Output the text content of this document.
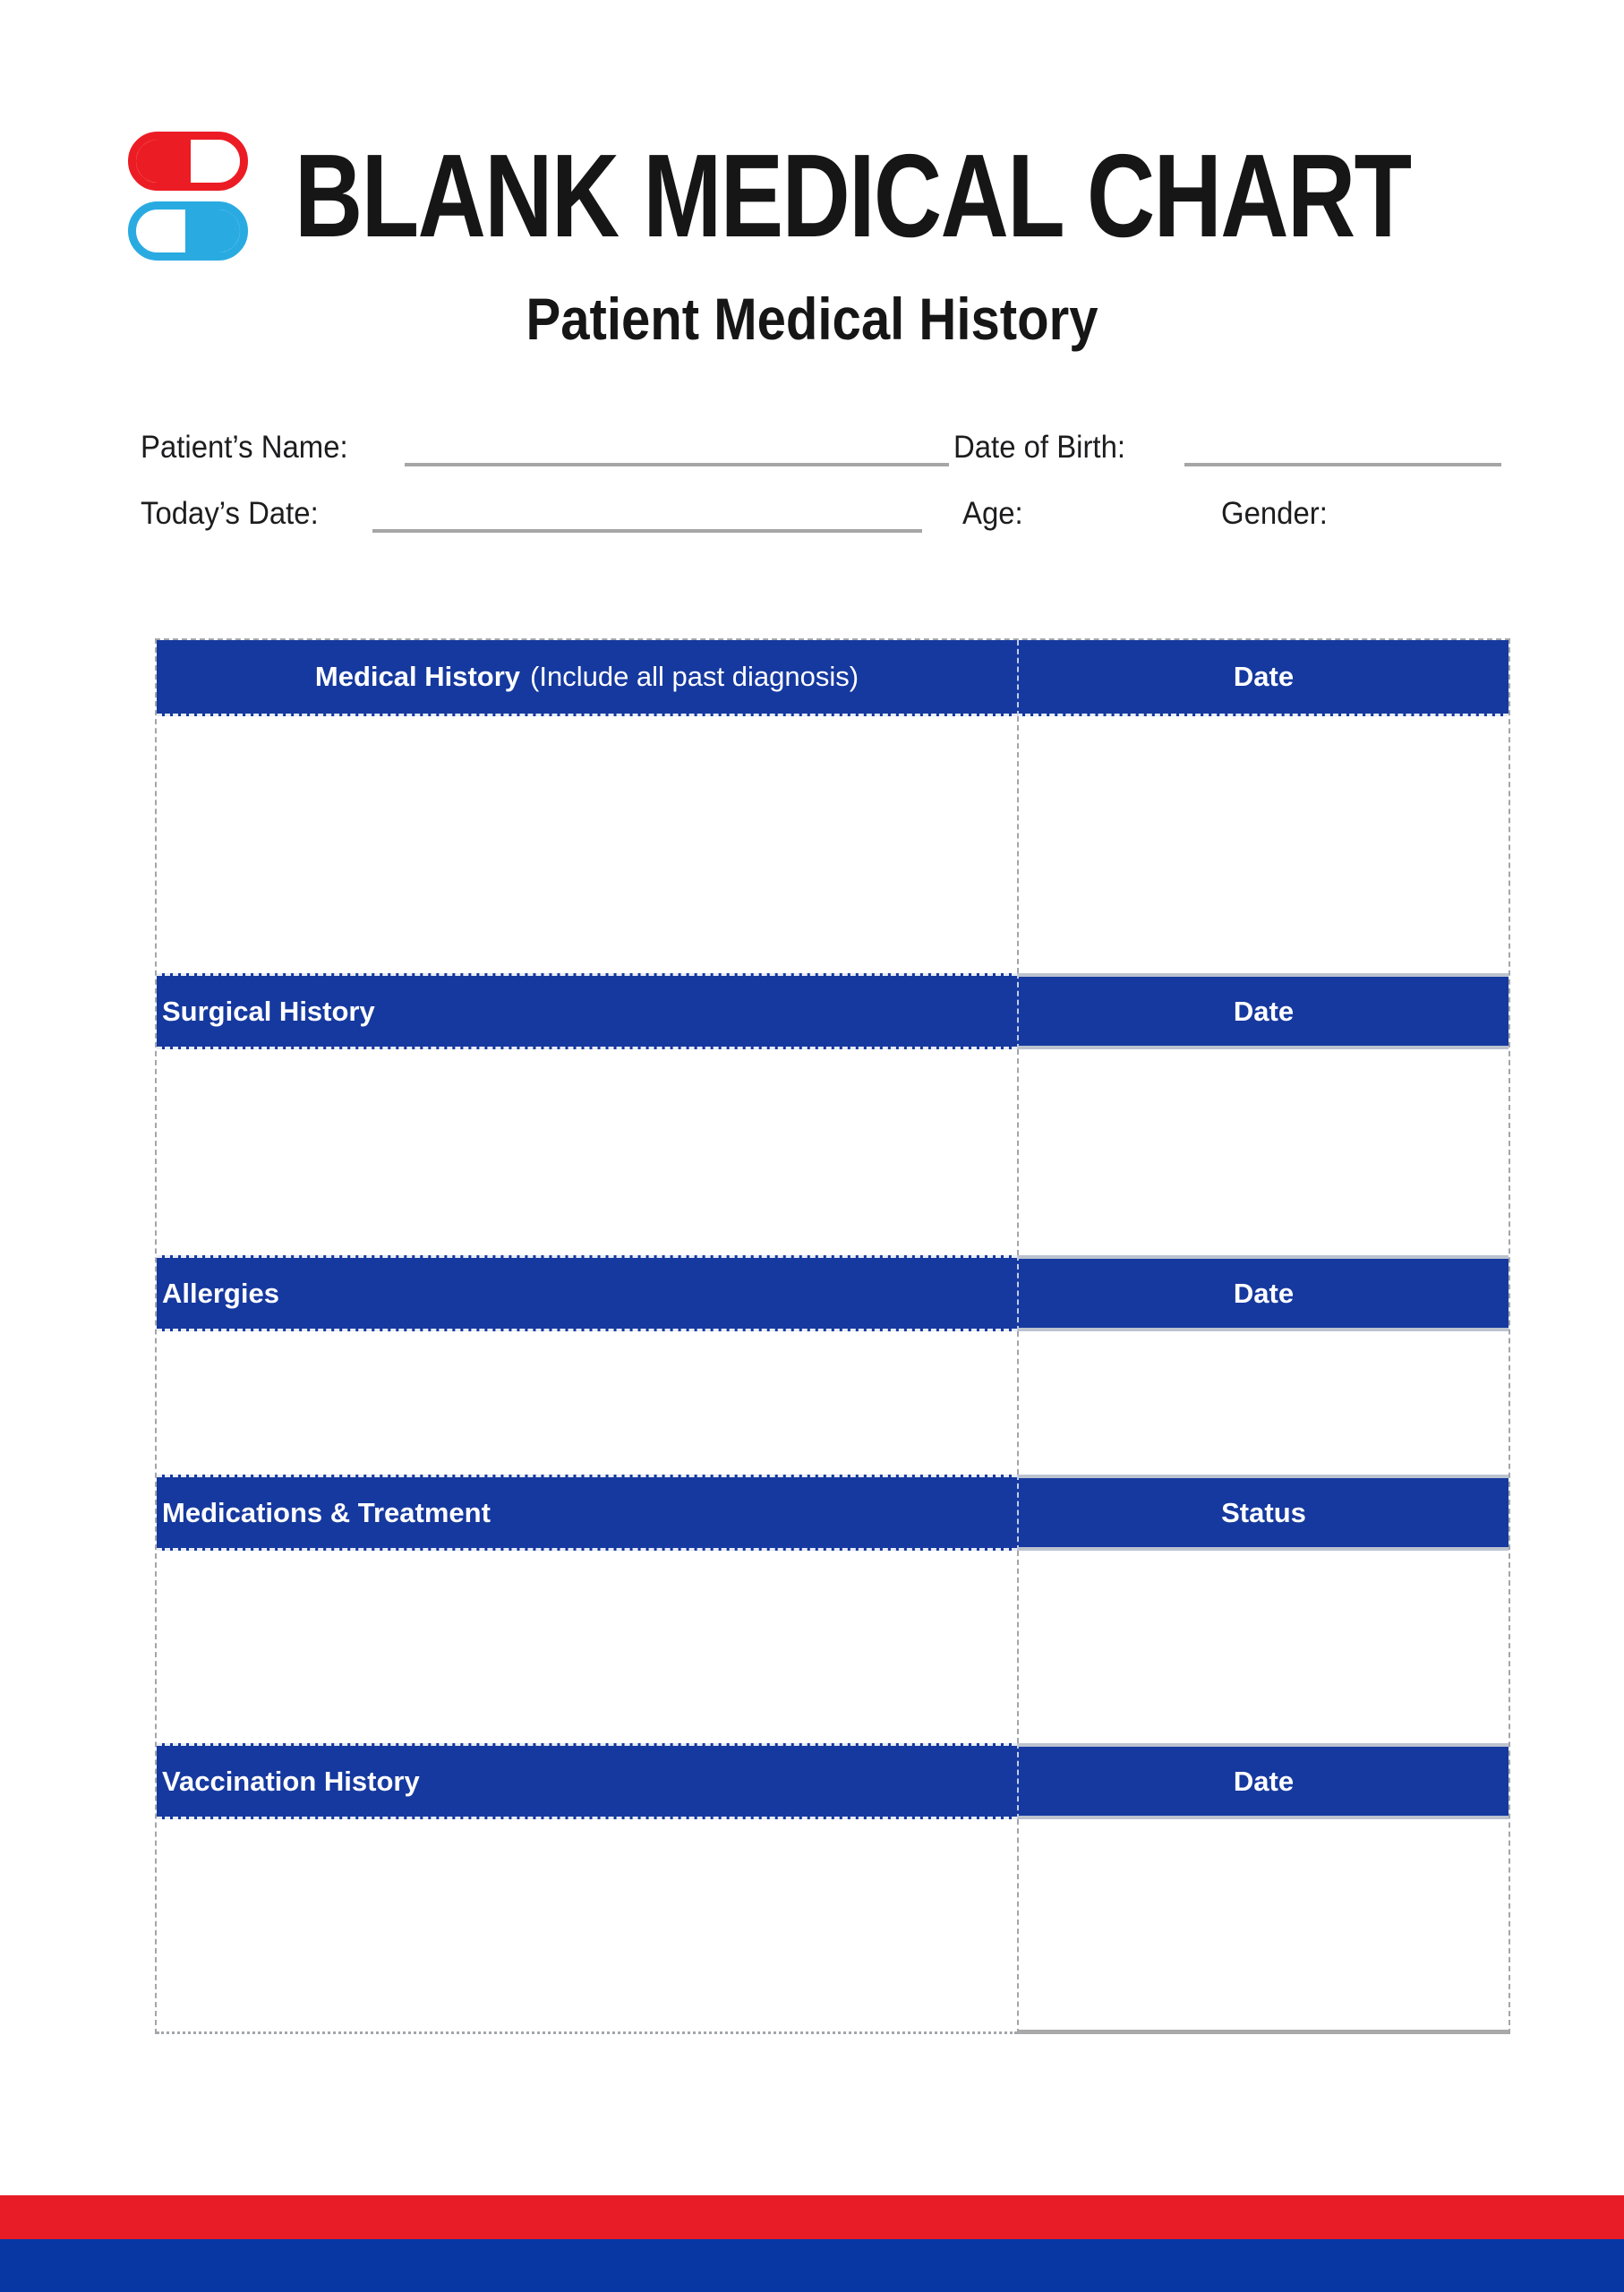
BLANK MEDICAL CHART
Patient Medical History
Patient’s Name:	Date of Birth:
Today’s Date:	Age:	Gender:
Medical History (Include all past diagnosis)	Date
Surgical History	Date
Allergies	Date
Medications & Treatment	Status
Vaccination History	Date
